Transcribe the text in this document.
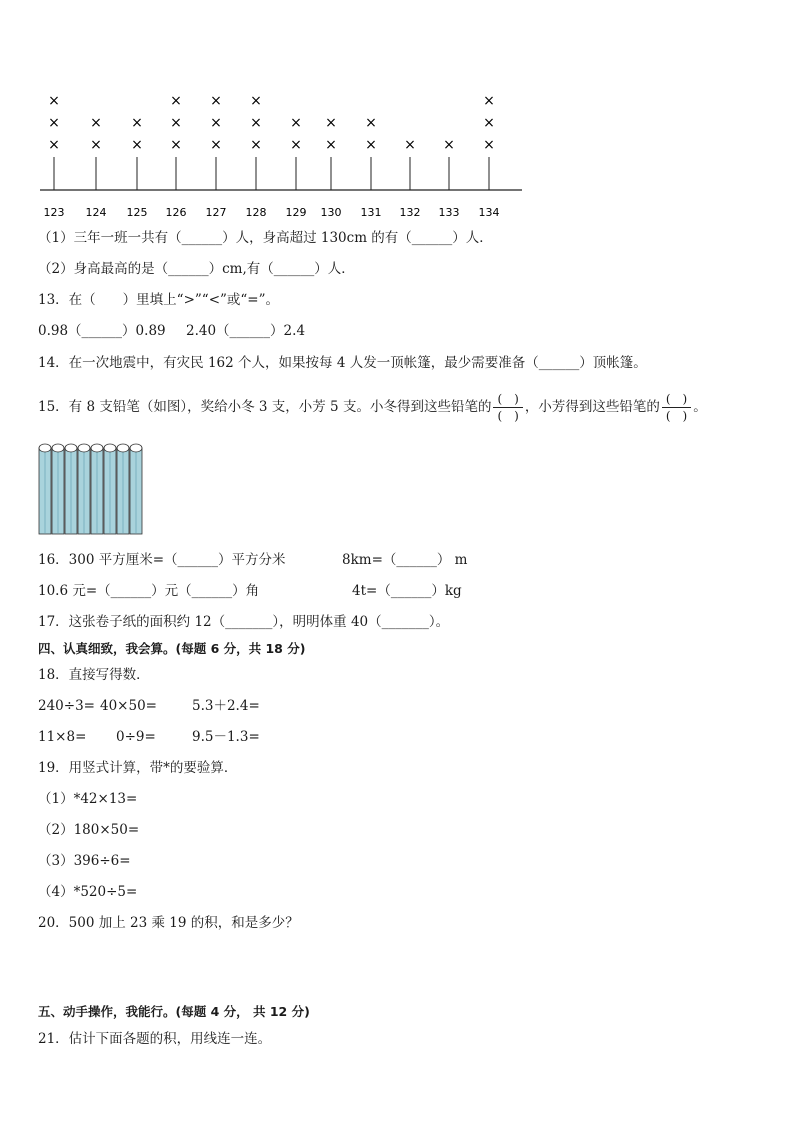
123
×
×
×
124
×
×
125
×
×
126
×
×
×
127
×
×
×
128
×
×
×
129
×
×
130
×
×
131
×
×
132
×
133
×
134
×
×
×
（1）三年一班一共有（______）人，身高超过 130cm 的有（______）人．
（2）身高最高的是（______）cm,有（______）人．
13．在（　　）里填上“>”“<”或“=”。
0.98（______）0.89 2.40（______）2.4
14．在一次地震中，有灾民 162 个人，如果按每 4 人发一顶帐篷，最少需要准备（______）顶帐篷。
15．有 8 支铅笔（如图），奖给小冬 3 支，小芳 5 支。小冬得到这些铅笔的 $\frac{( )}{( )}$ ，小芳得到这些铅笔的 $\frac{( )}{( )}$ 。
16．300 平方厘米=（______）平方分米	8km=（______） m
10.6 元=（______）元（______）角	4t=（______）kg
17．这张卷子纸的面积约 12（_______），明明体重 40（_______）。
四、认真细致，我会算。(每题 6 分，共 18 分)
18．直接写得数．
240÷3= 40×50=	5.3＋2.4=
11×8= 0÷9=	9.5－1.3=
19．用竖式计算，带*的要验算．
（1）*42×13=
（2）180×50=
（3）396÷6=
（4）*520÷5=
20．500 加上 23 乘 19 的积，和是多少？
五、动手操作，我能行。(每题 4 分， 共 12 分)
21．估计下面各题的积，用线连一连。
